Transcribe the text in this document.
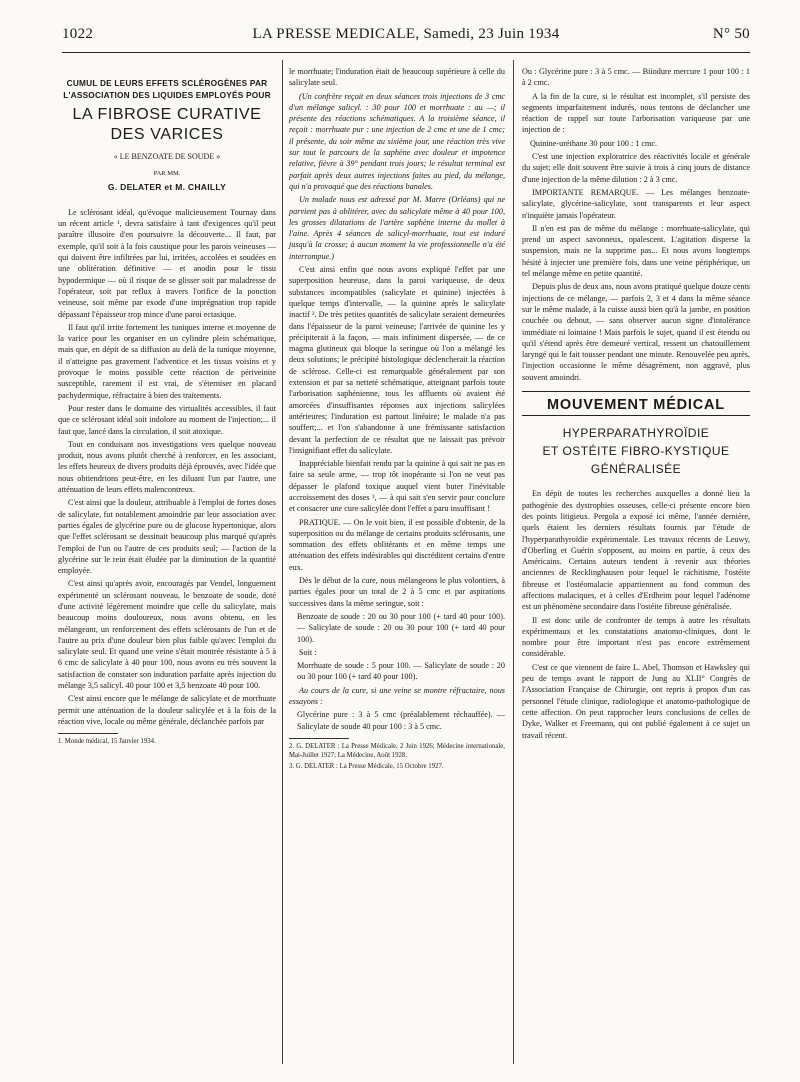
1022	LA PRESSE MEDICALE, Samedi, 23 Juin 1934	N° 50
CUMUL DE LEURS EFFETS SCLÉROGÈNES PAR L'ASSOCIATION DES LIQUIDES EMPLOYÉS POUR
LA FIBROSE CURATIVE
DES VARICES
« LE BENZOATE DE SOUDE »
PAR MM.
G. DELATER et M. CHAILLY

Le sclérosant idéal, qu'évoque malicieusement Tournay dans un récent article ¹, devra satisfaire à tant d'exigences qu'il peut paraître illusoire d'en poursuivre la découverte... Il faut, par exemple, qu'il soit à la fois caustique pour les parois veineuses — qui doivent être infiltrées par lui, irritées, accolées et soudées en une oblitération définitive — et anodin pour le tissu hypodermique — où il risque de se glisser soit par maladresse de l'opérateur, soit par reflux à travers l'orifice de la ponction veineuse, soit même par exode d'une imprégnation trop rapide dépassant l'épaisseur trop mince d'une paroi ectasique.

Il faut qu'il irrite fortement les tuniques interne et moyenne de la varice pour les organiser en un cylindre plein schématique, mais que, en dépit de sa diffusion au delà de la tunique moyenne, il n'atteigne pas gravement l'adventice et les tissus voisins et y provoque le moins possible cette réaction de périveinite susceptible, rarement il est vrai, de s'éterniser en placard pachydermique, réfractaire à bien des traitements.

Pour rester dans le domaine des virtualités accessibles, il faut que ce sclérosant idéal soit indolore au moment de l'injection;... il faut que, lancé dans la circulation, il soit atoxique.

Tout en conduisant nos investigations vers quelque nouveau produit, nous avons plutôt cherché à renforcer, en les associant, les effets heureux de divers produits déjà éprouvés, avec l'idée que nous obtiendrions peut-être, en les diluant l'un par l'autre, une atténuation de leurs effets malencontreux.

C'est ainsi que la douleur, attribuable à l'emploi de fortes doses de salicylate, fut notablement amoindrie par leur association avec parties égales de glycérine pure ou de glucose hypertonique, alors que l'effet sclérosant se dessinait beaucoup plus marqué qu'après l'emploi de l'un ou l'autre de ces produits seul; — l'action de la glycérine sur le rein était éludée par la diminution de la quantité employée.

C'est ainsi qu'après avoir, encouragés par Vendel, longuement expérimenté un sclérosant nouveau, le benzoate de soude, doté d'une activité légèrement moindre que celle du salicylate, mais beaucoup moins douloureux, nous avons obtenu, en les mélangeant, un renforcement des effets sclérosants de l'un et de l'autre au prix d'une douleur bien plus faible qu'avec l'emploi du salicylate seul. Et quand une veine s'était montrée résistante à 5 à 6 cmc de salicylate à 40 pour 100, nous avons eu très souvent la satisfaction de constater son induration parfaite après injection du mélange 3,5 salicyl. 40 pour 100 et 3,5 benzoate 40 pour 100.

C'est ainsi encore que le mélange de salicylate et de morrhuate permit une atténuation de la douleur salicylée et à la fois de la réaction vive, locale ou même générale, déclanchée parfois par

1. Monde médical, 15 Janvier 1934.

le morrhuate; l'induration était de beaucoup supérieure à celle du salicylate seul.

(Un confrère reçoit en deux séances trois injections de 3 cmc d'un mélange salicyl. : 30 pour 100 et morrhuate : au —; il présente des réactions schématiques. A la troisième séance, il reçoit : morrhuate pur : une injection de 2 cmc et une de 1 cmc; il présente, du soir même au sixième jour, une réaction très vive sur tout le parcours de la saphène avec douleur et impotence relative, fièvre à 39° pendant trois jours; le résultat terminal est parfait après deux autres injections faites au pied, du mélange, qui n'a provoqué que des réactions banales.

Un malade nous est adressé par M. Marre (Orléans) qui ne parvient pas à oblitérer, avec du salicylate même à 40 pour 100, les grosses dilatations de l'artère saphène interne du mollet à l'aine. Après 4 séances de salicyl-morrhuate, tout est induré jusqu'à la crosse; à aucun moment la vie professionnelle n'a été interrompue.)

C'est ainsi enfin que nous avons expliqué l'effet par une superposition heureuse, dans la paroi variqueuse, de deux substances incompatibles (salicylate et quinine) injectées à quelque temps d'intervalle, — la quinine après le salicylate inactif ². De très petites quantités de salicylate seraient demeurées dans l'épaisseur de la paroi veineuse; l'arrivée de quinine les y précipiterait à la façon, — mais infiniment dispersée, — de ce magma glutineux qui bloque la seringue où l'on a mélangé les deux solutions; le précipité histologique déclencherait la réaction de sclérose. Celle-ci est remarquable généralement par son extension et par sa netteté schématique, atteignant parfois toute l'arborisation saphénienne, tous les affluents où avaient été amorcées d'insuffisantes réponses aux injections salicylées antérieures; l'induration est partout linéaire; le malade n'a pas souffert;... et l'on s'abandonne à une frémissante satisfaction devant la perfection de ce résultat que ne laissait pas prévoir l'insignifiant effet du salicylate.

Inappréciable bienfait rendu par la quinine à qui sait ne pas en faire sa seule arme, — trop tôt inopérante si l'on ne veut pas dépasser le plafond toxique auquel vient buter l'inévitable accroissement des doses ³, — à qui sait s'en servir pour conclure et consacrer une cure salicylée dont l'effet a paru insuffisant !

PRATIQUE. — On le voit bien, il est possible d'obtenir, de la superposition ou du mélange de certains produits sclérosants, une sommation des effets oblitérants et en même temps une atténuation des effets indésirables qui discréditent certains d'entre eux.

Dès le début de la cure, nous mélangeons le plus volontiers, à parties égales pour un total de 2 à 5 cmc et par aspirations successives dans la même seringue, soit :

Benzoate de soude : 20 ou 30 pour 100 (+ tard 40 pour 100). — Salicylate de soude : 20 ou 30 pour 100 (+ tard 40 pour 100).

Soit :

Morrhuate de soude : 5 pour 100. — Salicylate de soude : 20 ou 30 pour 100 (+ tard 40 pour 100).

Au cours de la cure, si une veine se montre réfractaire, nous essayons :

Glycérine pure : 3 à 5 cmc (préalablement réchauffée). — Salicylate de soude 40 pour 100 : 3 à 5 cmc.

2. G. DELATER : La Presse Médicale, 2 Juin 1926; Médecine internationale, Mai-Juillet 1927; La Médecine, Août 1928.

3. G. DELATER : La Presse Médicale, 15 Octobre 1927.

Ou : Glycérine pure : 3 à 5 cmc. — Biiodure mercure 1 pour 100 : 1 à 2 cmc.

A la fin de la cure, si le résultat est incomplet, s'il persiste des segments imparfaitement indurés, nous tentons de déclancher une réaction de rappel sur toute l'arborisation variqueuse par une injection de :

Quinine-uréthane 30 pour 100 : 1 cmc.

C'est une injection exploratrice des réactivités locale et générale du sujet; elle doit souvent être suivie à trois à cinq jours de distance d'une injection de la même dilution : 2 à 3 cmc.

IMPORTANTE REMARQUE. — Les mélanges benzoate-salicylate, glycérine-salicylate, sont transparents et leur aspect n'inquiète jamais l'opérateur.

Il n'en est pas de même du mélange : morrhuate-salicylate, qui prend un aspect savonneux, opalescent. L'agitation disperse la suspension, mais ne la supprime pas... Et nous avons longtemps hésité à injecter une première fois, dans une veine périphérique, un tel mélange même en petite quantité.

Depuis plus de deux ans, nous avons pratiqué quelque douze cents injections de ce mélange, — parfois 2, 3 et 4 dans la même séance sur le même malade, à la cuisse aussi bien qu'à la jambe, en position couchée ou debout, — sans observer aucun signe d'intolérance immédiate ni lointaine ! Mais parfois le sujet, quand il est étendu ou qu'il s'étend après être demeuré vertical, ressent un chatouillement laryngé qui le fait tousser pendant une minute. Renouvelée peu après, l'injection occasionne le même désagrément, non aggravé, plus souvent amoindri.

MOUVEMENT MÉDICAL
HYPERPARATHYROÏDIE
ET OSTÉITE FIBRO-KYSTIQUE
GÉNÉRALISÉE

En dépit de toutes les recherches auxquelles a donné lieu la pathogénie des dystrophies osseuses, celle-ci présente encore bien des points litigieux. Pergola a exposé ici même, l'année dernière, quels étaient les derniers résultats fournis par l'étude de l'hyperparathyroïdie expérimentale. Les travaux récents de Leuwy, d'Oberling et Guérin s'opposent, au moins en partie, à ceux des Américains. Certains auteurs tendent à revenir aux théories anciennes de Recklinghausen pour lequel le rachitisme, l'ostéite fibreuse et l'ostéomalacie appartiennent au fond commun des affections malaciques, et à celles d'Erdheim pour lequel l'adénome est un phénomène secondaire dans l'ostéite fibreuse généralisée.

Il est donc utile de confronter de temps à autre les résultats expérimentaux et les constatations anatomo-cliniques, dont le nombre pour être important n'est pas encore extrêmement considérable.

C'est ce que viennent de faire L. Abel, Thomson et Hawksley qui peu de temps avant le rapport de Jung au XLII° Congrès de l'Association Française de Chirurgie, ont repris à propos d'un cas personnel l'étude clinique, radiologique et anatomo-pathologique de cette affection. On peut rapprocher leurs conclusions de celles de Dyke, Walker et Freemann, qui ont publié également à ce sujet un travail récent.
